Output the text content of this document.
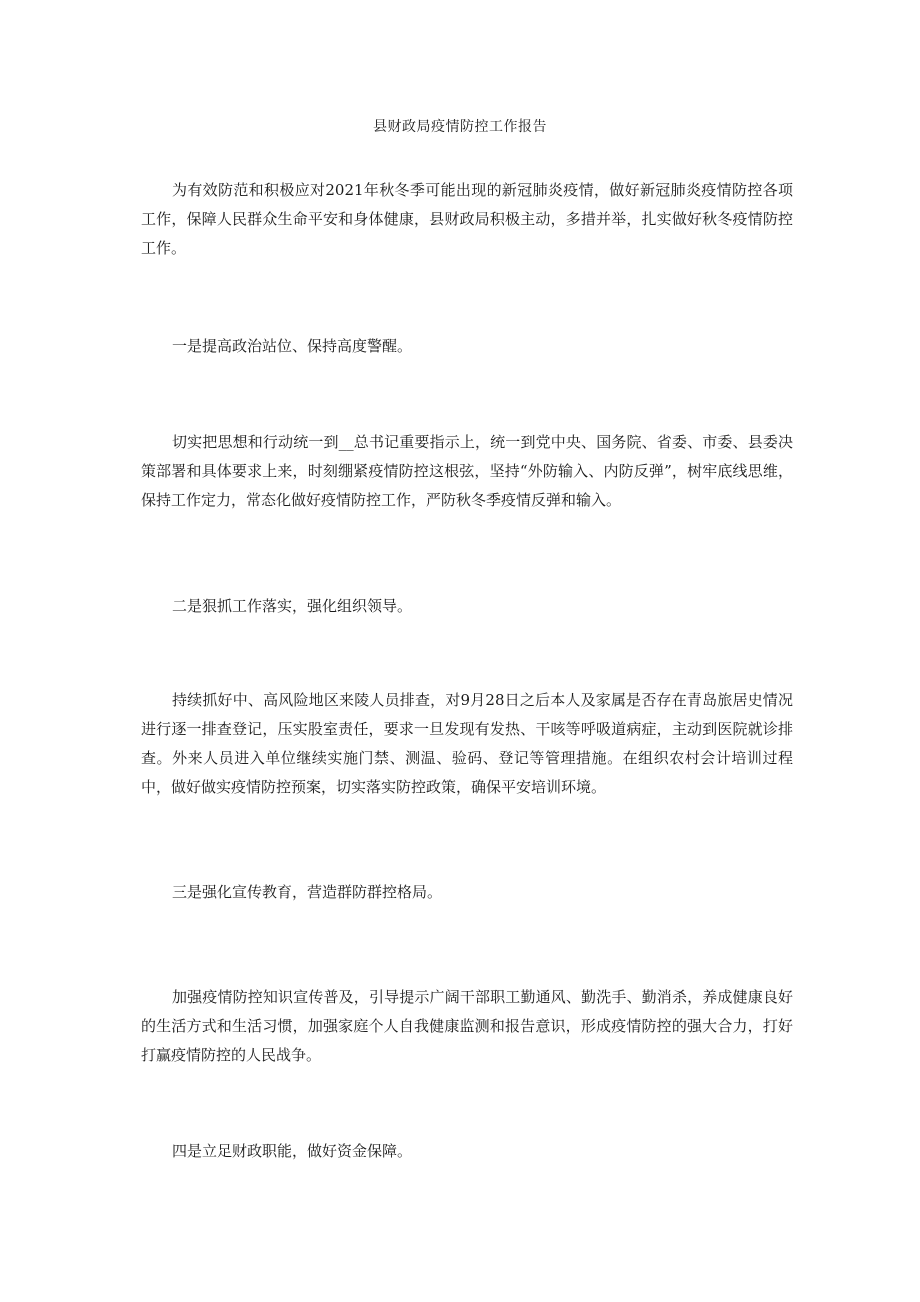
县财政局疫情防控工作报告

为有效防范和积极应对2021年秋冬季可能出现的新冠肺炎疫情，做好新冠肺炎疫情防控各项工作，保障人民群众生命平安和身体健康，县财政局积极主动，多措并举，扎实做好秋冬疫情防控工作。

一是提高政治站位、保持高度警醒。

切实把思想和行动统一到__总书记重要指示上，统一到党中央、国务院、省委、市委、县委决策部署和具体要求上来，时刻绷紧疫情防控这根弦，坚持“外防输入、内防反弹”，树牢底线思维，保持工作定力，常态化做好疫情防控工作，严防秋冬季疫情反弹和输入。

二是狠抓工作落实，强化组织领导。

持续抓好中、高风险地区来陵人员排查，对9月28日之后本人及家属是否存在青岛旅居史情况进行逐一排查登记，压实股室责任，要求一旦发现有发热、干咳等呼吸道病症，主动到医院就诊排查。外来人员进入单位继续实施门禁、测温、验码、登记等管理措施。在组织农村会计培训过程中，做好做实疫情防控预案，切实落实防控政策，确保平安培训环境。

三是强化宣传教育，营造群防群控格局。

加强疫情防控知识宣传普及，引导提示广阔干部职工勤通风、勤洗手、勤消杀，养成健康良好的生活方式和生活习惯，加强家庭个人自我健康监测和报告意识，形成疫情防控的强大合力，打好打赢疫情防控的人民战争。

四是立足财政职能，做好资金保障。
